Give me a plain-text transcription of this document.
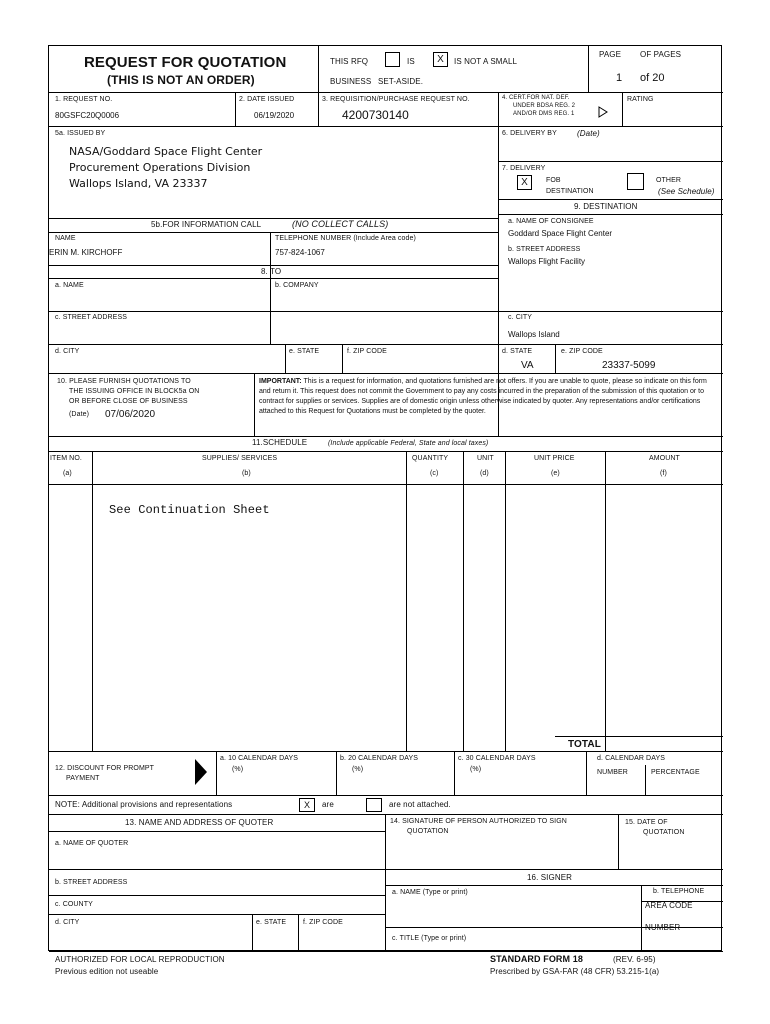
REQUEST FOR QUOTATION
(THIS IS NOT AN ORDER)
THIS RFQ	IS	X	IS NOT A SMALL
BUSINESS SET-ASIDE.
PAGE OF PAGES
1 of 20
1. REQUEST NO.
80GSFC20Q0006
2. DATE ISSUED
06/19/2020
3. REQUISITION/PURCHASE REQUEST NO.
4200730140
4. CERT.FOR NAT. DEF.
UNDER BDSA REG. 2
AND/OR DMS REG. 1
RATING
5a. ISSUED BY
NASA/Goddard Space Flight Center
Procurement Operations Division
Wallops Island, VA 23337
6. DELIVERY BY	(Date)
7. DELIVERY
X	FOB
DESTINATION
OTHER
(See Schedule)
9. DESTINATION
5b.FOR INFORMATION CALL	(NO COLLECT CALLS)
NAME
ERIN M. KIRCHOFF
TELEPHONE NUMBER (Include Area code)
757-824-1067
8. TO
a. NAME	b. COMPANY
c. STREET ADDRESS
d. CITY	e. STATE	f. ZIP CODE
a. NAME OF CONSIGNEE
Goddard Space Flight Center
b. STREET ADDRESS
Wallops Flight Facility
c. CITY
Wallops Island
d. STATE
VA
e. ZIP CODE
23337-5099
10. PLEASE FURNISH QUOTATIONS TO
THE ISSUING OFFICE IN BLOCK5a ON
OR BEFORE CLOSE OF BUSINESS
(Date) 07/06/2020
IMPORTANT: This is a request for information, and quotations furnished are not offers. If you are unable to quote, please so indicate on this form and return it. This request does not commit the Government to pay any costs incurred in the preparation of the submission of this quotation or to contract for supplies or services. Supplies are of domestic origin unless otherwise indicated by quoter. Any representations and/or certifications attached to this Request for Quotations must be completed by the quoter.
11.SCHEDULE	(Include applicable Federal, State and local taxes)
ITEM NO.
(a)
SUPPLIES/ SERVICES
(b)
QUANTITY
(c)
UNIT
(d)
UNIT PRICE
(e)
AMOUNT
(f)
See Continuation Sheet
TOTAL
12. DISCOUNT FOR PROMPT
PAYMENT
a. 10 CALENDAR DAYS
(%)
b. 20 CALENDAR DAYS
(%)
c. 30 CALENDAR DAYS
(%)
d. CALENDAR DAYS
NUMBER	PERCENTAGE
NOTE: Additional provisions and representations	X	are	are not attached.
13. NAME AND ADDRESS OF QUOTER
a. NAME OF QUOTER
b. STREET ADDRESS
c. COUNTY
d. CITY	e. STATE f. ZIP CODE
14. SIGNATURE OF PERSON AUTHORIZED TO SIGN
QUOTATION
15. DATE OF
QUOTATION
16. SIGNER
a. NAME (Type or print)	b. TELEPHONE
AREA CODE
NUMBER
c. TITLE (Type or print)
AUTHORIZED FOR LOCAL REPRODUCTION
Previous edition not useable
STANDARD FORM 18	(REV. 6-95)
Prescribed by GSA-FAR (48 CFR) 53.215-1(a)
